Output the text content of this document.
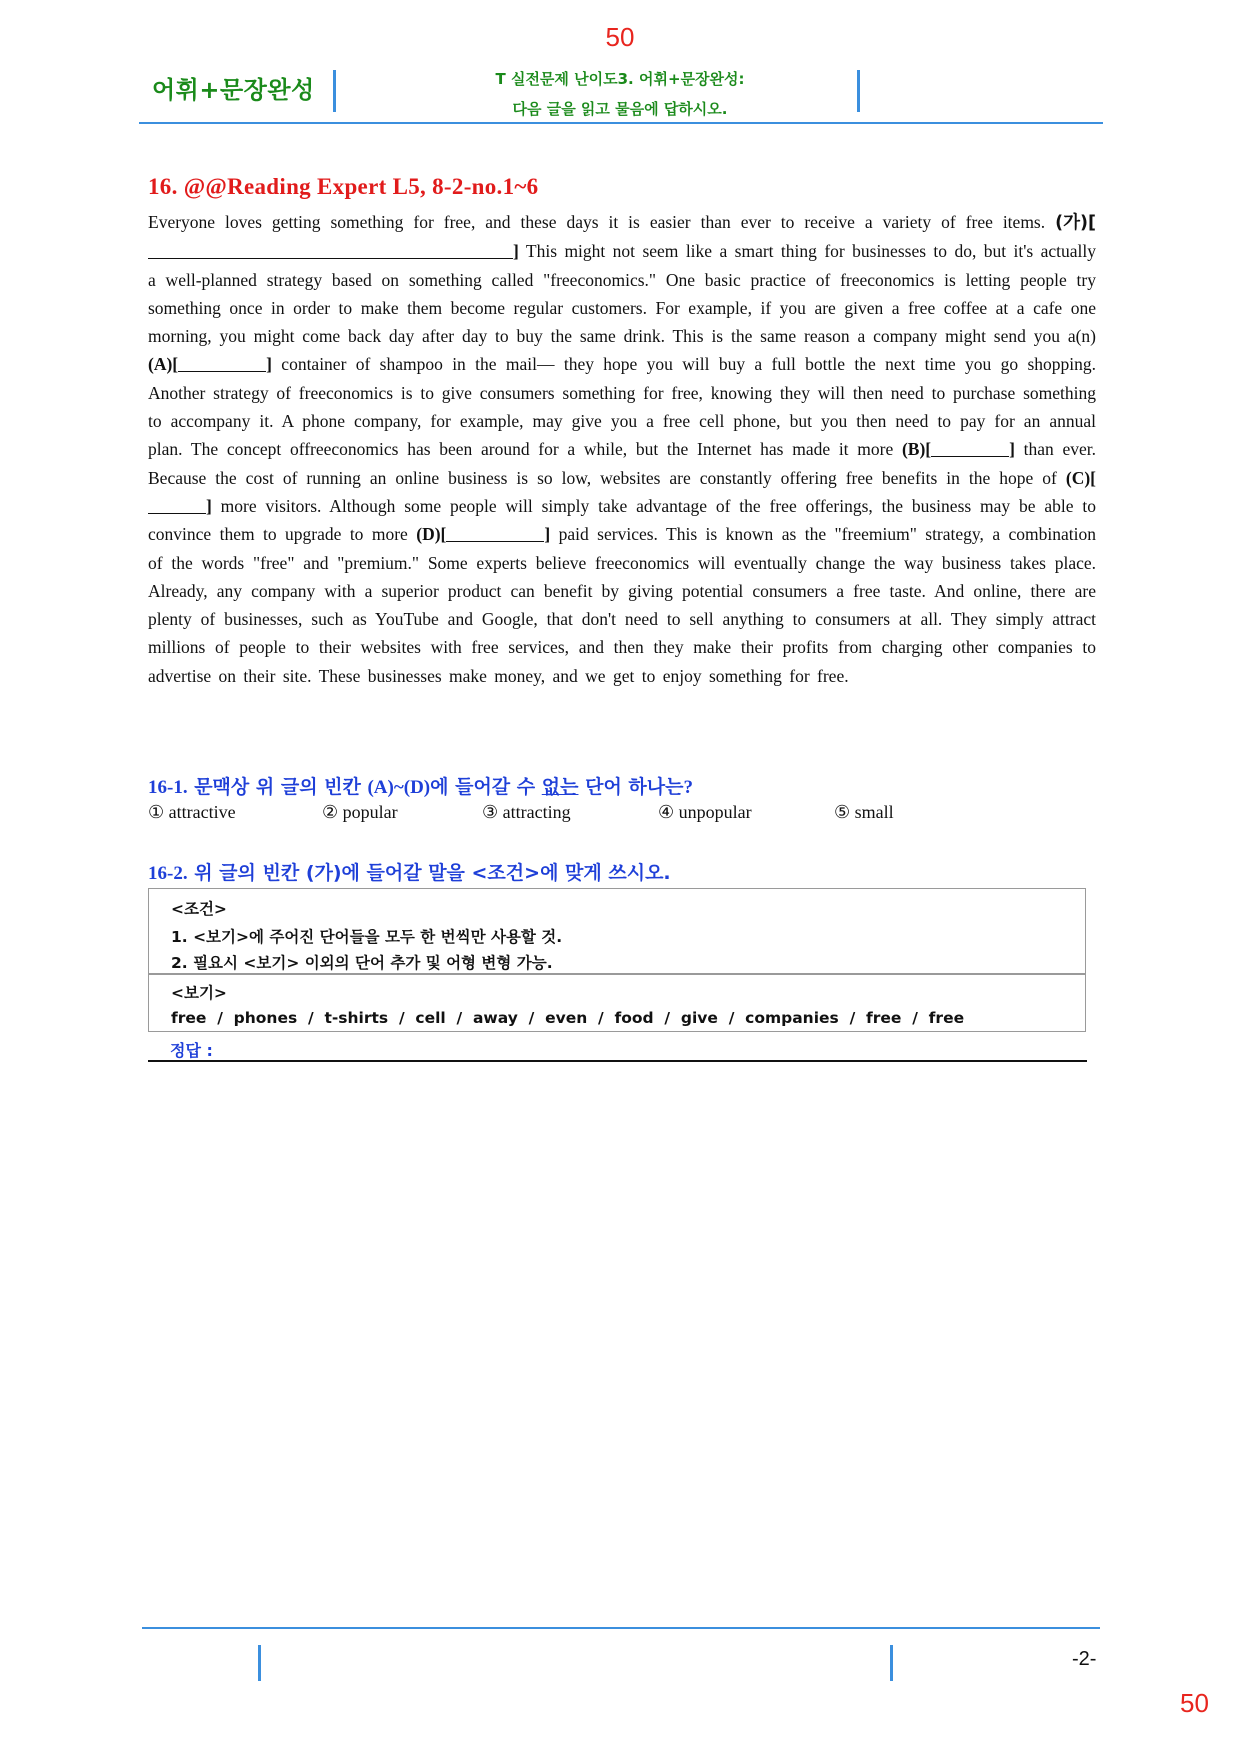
50
어휘+문장완성	T 실전문제 난이도3. 어휘+문장완성:
다음 글을 읽고 물음에 답하시오.
16. @@Reading Expert L5, 8-2-no.1~6
Everyone loves getting something for free, and these days it is easier than ever to receive a variety of free items. (가)[] This might not seem like a smart thing for businesses to do, but it's actually a well-planned strategy based on something called "freeconomics." One basic practice of freeconomics is letting people try something once in order to make them become regular customers. For example, if you are given a free coffee at a cafe one morning, you might come back day after day to buy the same drink. This is the same reason a company might send you a(n) (A)[	] container of shampoo in the mail— they hope you will buy a full bottle the next time you go shopping. Another strategy of freeconomics is to give consumers something for free, knowing they will then need to purchase something to accompany it. A phone company, for example, may give you a free cell phone, but you then need to pay for an annual plan. The concept offreeconomics has been around for a while, but the Internet has made it more (B)[	] than ever. Because the cost of running an online business is so low, websites are constantly offering free benefits in the hope of (C)[] more visitors. Although some people will simply take advantage of the free offerings, the business may be able to convince them to upgrade to more (D)[	] paid services. This is known as the "freemium" strategy, a combination of the words "free" and "premium." Some experts believe freeconomics will eventually change the way business takes place. Already, any company with a superior product can benefit by giving potential consumers a free taste. And online, there are plenty of businesses, such as YouTube and Google, that don't need to sell anything to consumers at all. They simply attract millions of people to their websites with free services, and then they make their profits from charging other companies to advertise on their site. These businesses make money, and we get to enjoy something for free.
16-1. 문맥상 위 글의 빈칸 (A)~(D)에 들어갈 수 없는 단어 하나는?
① attractive	② popular	③ attracting	④ unpopular	⑤ small
16-2. 위 글의 빈칸 (가)에 들어갈 말을 <조건>에 맞게 쓰시오.
<조건>
1. <보기>에 주어진 단어들을 모두 한 번씩만 사용할 것.
2. 필요시 <보기> 이외의 단어 추가 및 어형 변형 가능.
<보기>
free  /  phones  /  t-shirts  /  cell  /  away  /  even  /  food  /  give  /  companies  /  free  /  free
정답 :
-2-
50
